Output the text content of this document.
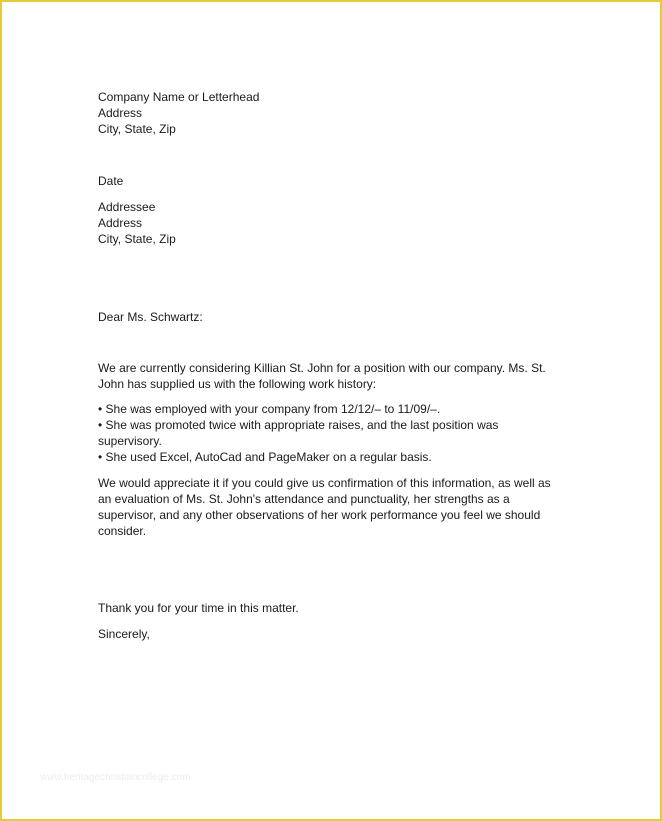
Company Name or Letterhead
Address
City, State, Zip
Date
Addressee
Address
City, State, Zip
Dear Ms. Schwartz:
We are currently considering Killian St. John for a position with our company. Ms. St. John has supplied us with the following work history:
• She was employed with your company from 12/12/– to 11/09/–.
• She was promoted twice with appropriate raises, and the last position was supervisory.
• She used Excel, AutoCad and PageMaker on a regular basis.
We would appreciate it if you could give us confirmation of this information, as well as an evaluation of Ms. St. John's attendance and punctuality, her strengths as a supervisor, and any other observations of her work performance you feel we should consider.
Thank you for your time in this matter.
Sincerely,
www.heritagechristiancollege.com
